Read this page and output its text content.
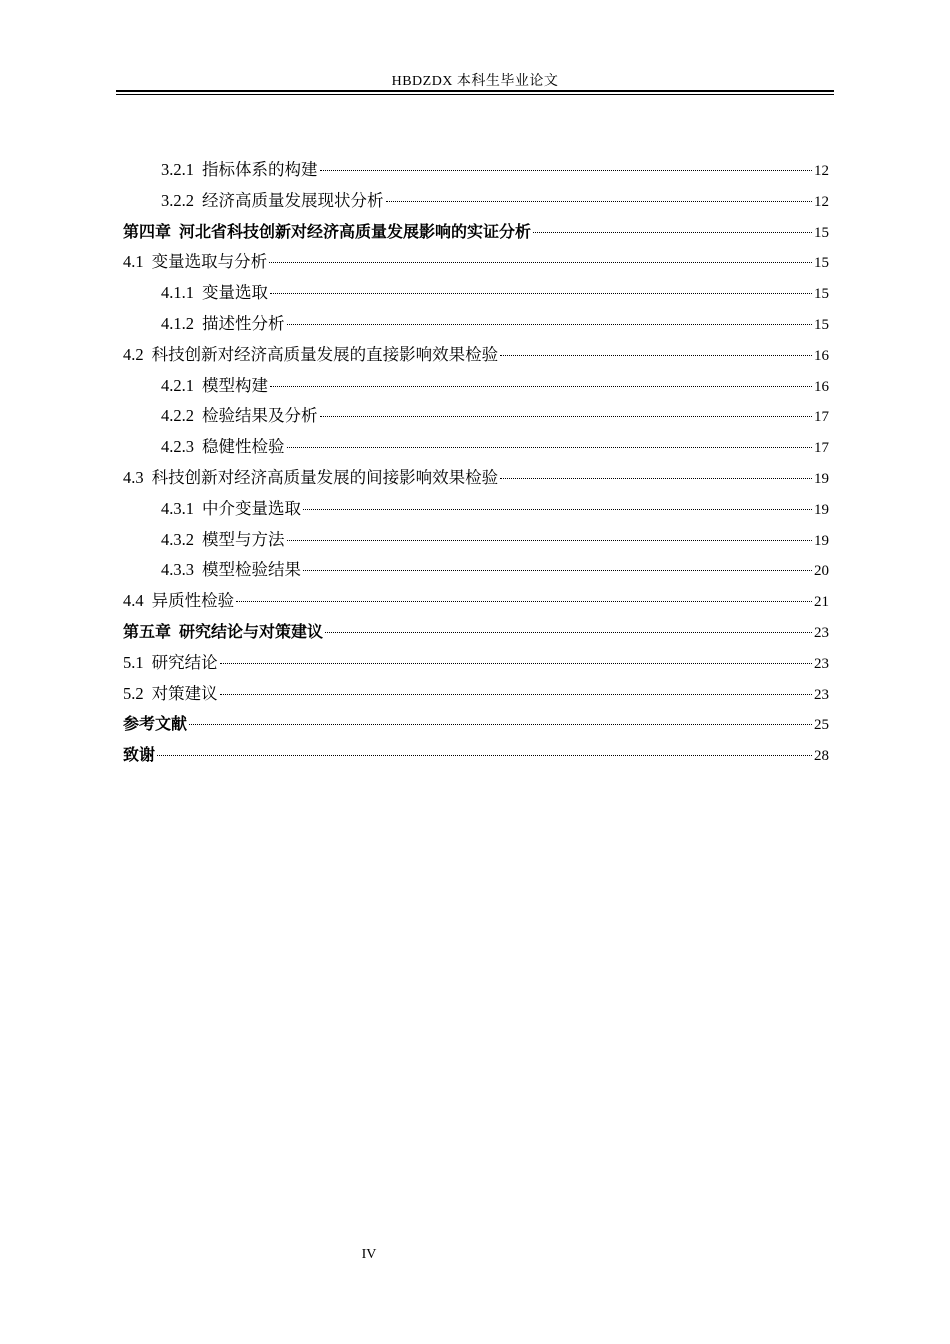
HBDZDX 本科生毕业论文
3.2.1 指标体系的构建	12
3.2.2 经济高质量发展现状分析	12
第四章 河北省科技创新对经济高质量发展影响的实证分析	15
4.1 变量选取与分析	15
4.1.1 变量选取	15
4.1.2 描述性分析	15
4.2 科技创新对经济高质量发展的直接影响效果检验	16
4.2.1 模型构建	16
4.2.2 检验结果及分析	17
4.2.3 稳健性检验	17
4.3 科技创新对经济高质量发展的间接影响效果检验	19
4.3.1 中介变量选取	19
4.3.2 模型与方法	19
4.3.3 模型检验结果	20
4.4 异质性检验	21
第五章 研究结论与对策建议	23
5.1 研究结论	23
5.2 对策建议	23
参考文献	25
致谢	28
IV
